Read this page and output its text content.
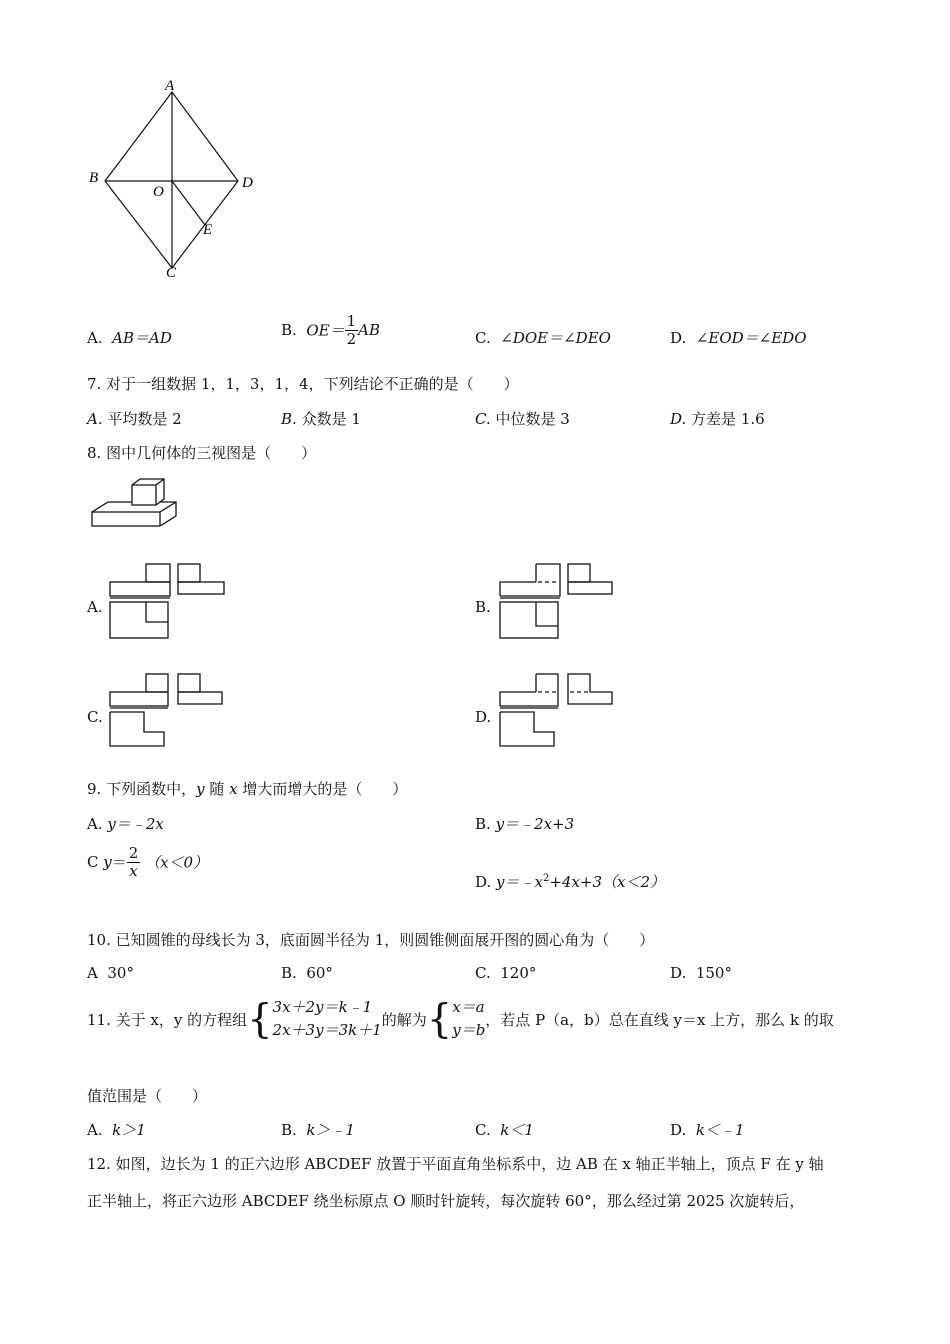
A
B
C
D
O
E
A. AB＝AD	B. $OE= \frac{1}{2}$ AB	C. ∠DOE＝∠DEO	D. ∠EOD＝∠EDO
7. 对于一组数据 1，1，3，1，4，下列结论不正确的是（　　）
A. 平均数是 2	B. 众数是 1	C. 中位数是 3	D. 方差是 1.6
8. 图中几何体的三视图是（　　）
A.	B.
C.	D.
9. 下列函数中，y 随 x 增大而增大的是（　　）
A. y＝﹣2x	B. y＝﹣2x+3
C $y= \frac{2}{x} (x<0)$
D. $y=﹣x^2+4x+3(x<2)$
10. 已知圆锥的母线长为 3，底面圆半径为 1，则圆锥侧面展开图的圆心角为（　　）
A 30°	B. 60°	C. 120°	D. 150°
11. 关于 x，y 的方程组{3x＋2y＝k﹣1
2x＋3y＝3k＋1的解为{x＝a
y＝b，若点 P（a，b）总在直线 y＝x 上方，那么 k 的取
值范围是（　　）
A. k＞1	B. k＞﹣1	C. k＜1	D. k＜﹣1
12. 如图，边长为 1 的正六边形 ABCDEF 放置于平面直角坐标系中，边 AB 在 x 轴正半轴上，顶点 F 在 y 轴
正半轴上，将正六边形 ABCDEF 绕坐标原点 O 顺时针旋转，每次旋转 60°，那么经过第 2025 次旋转后，
